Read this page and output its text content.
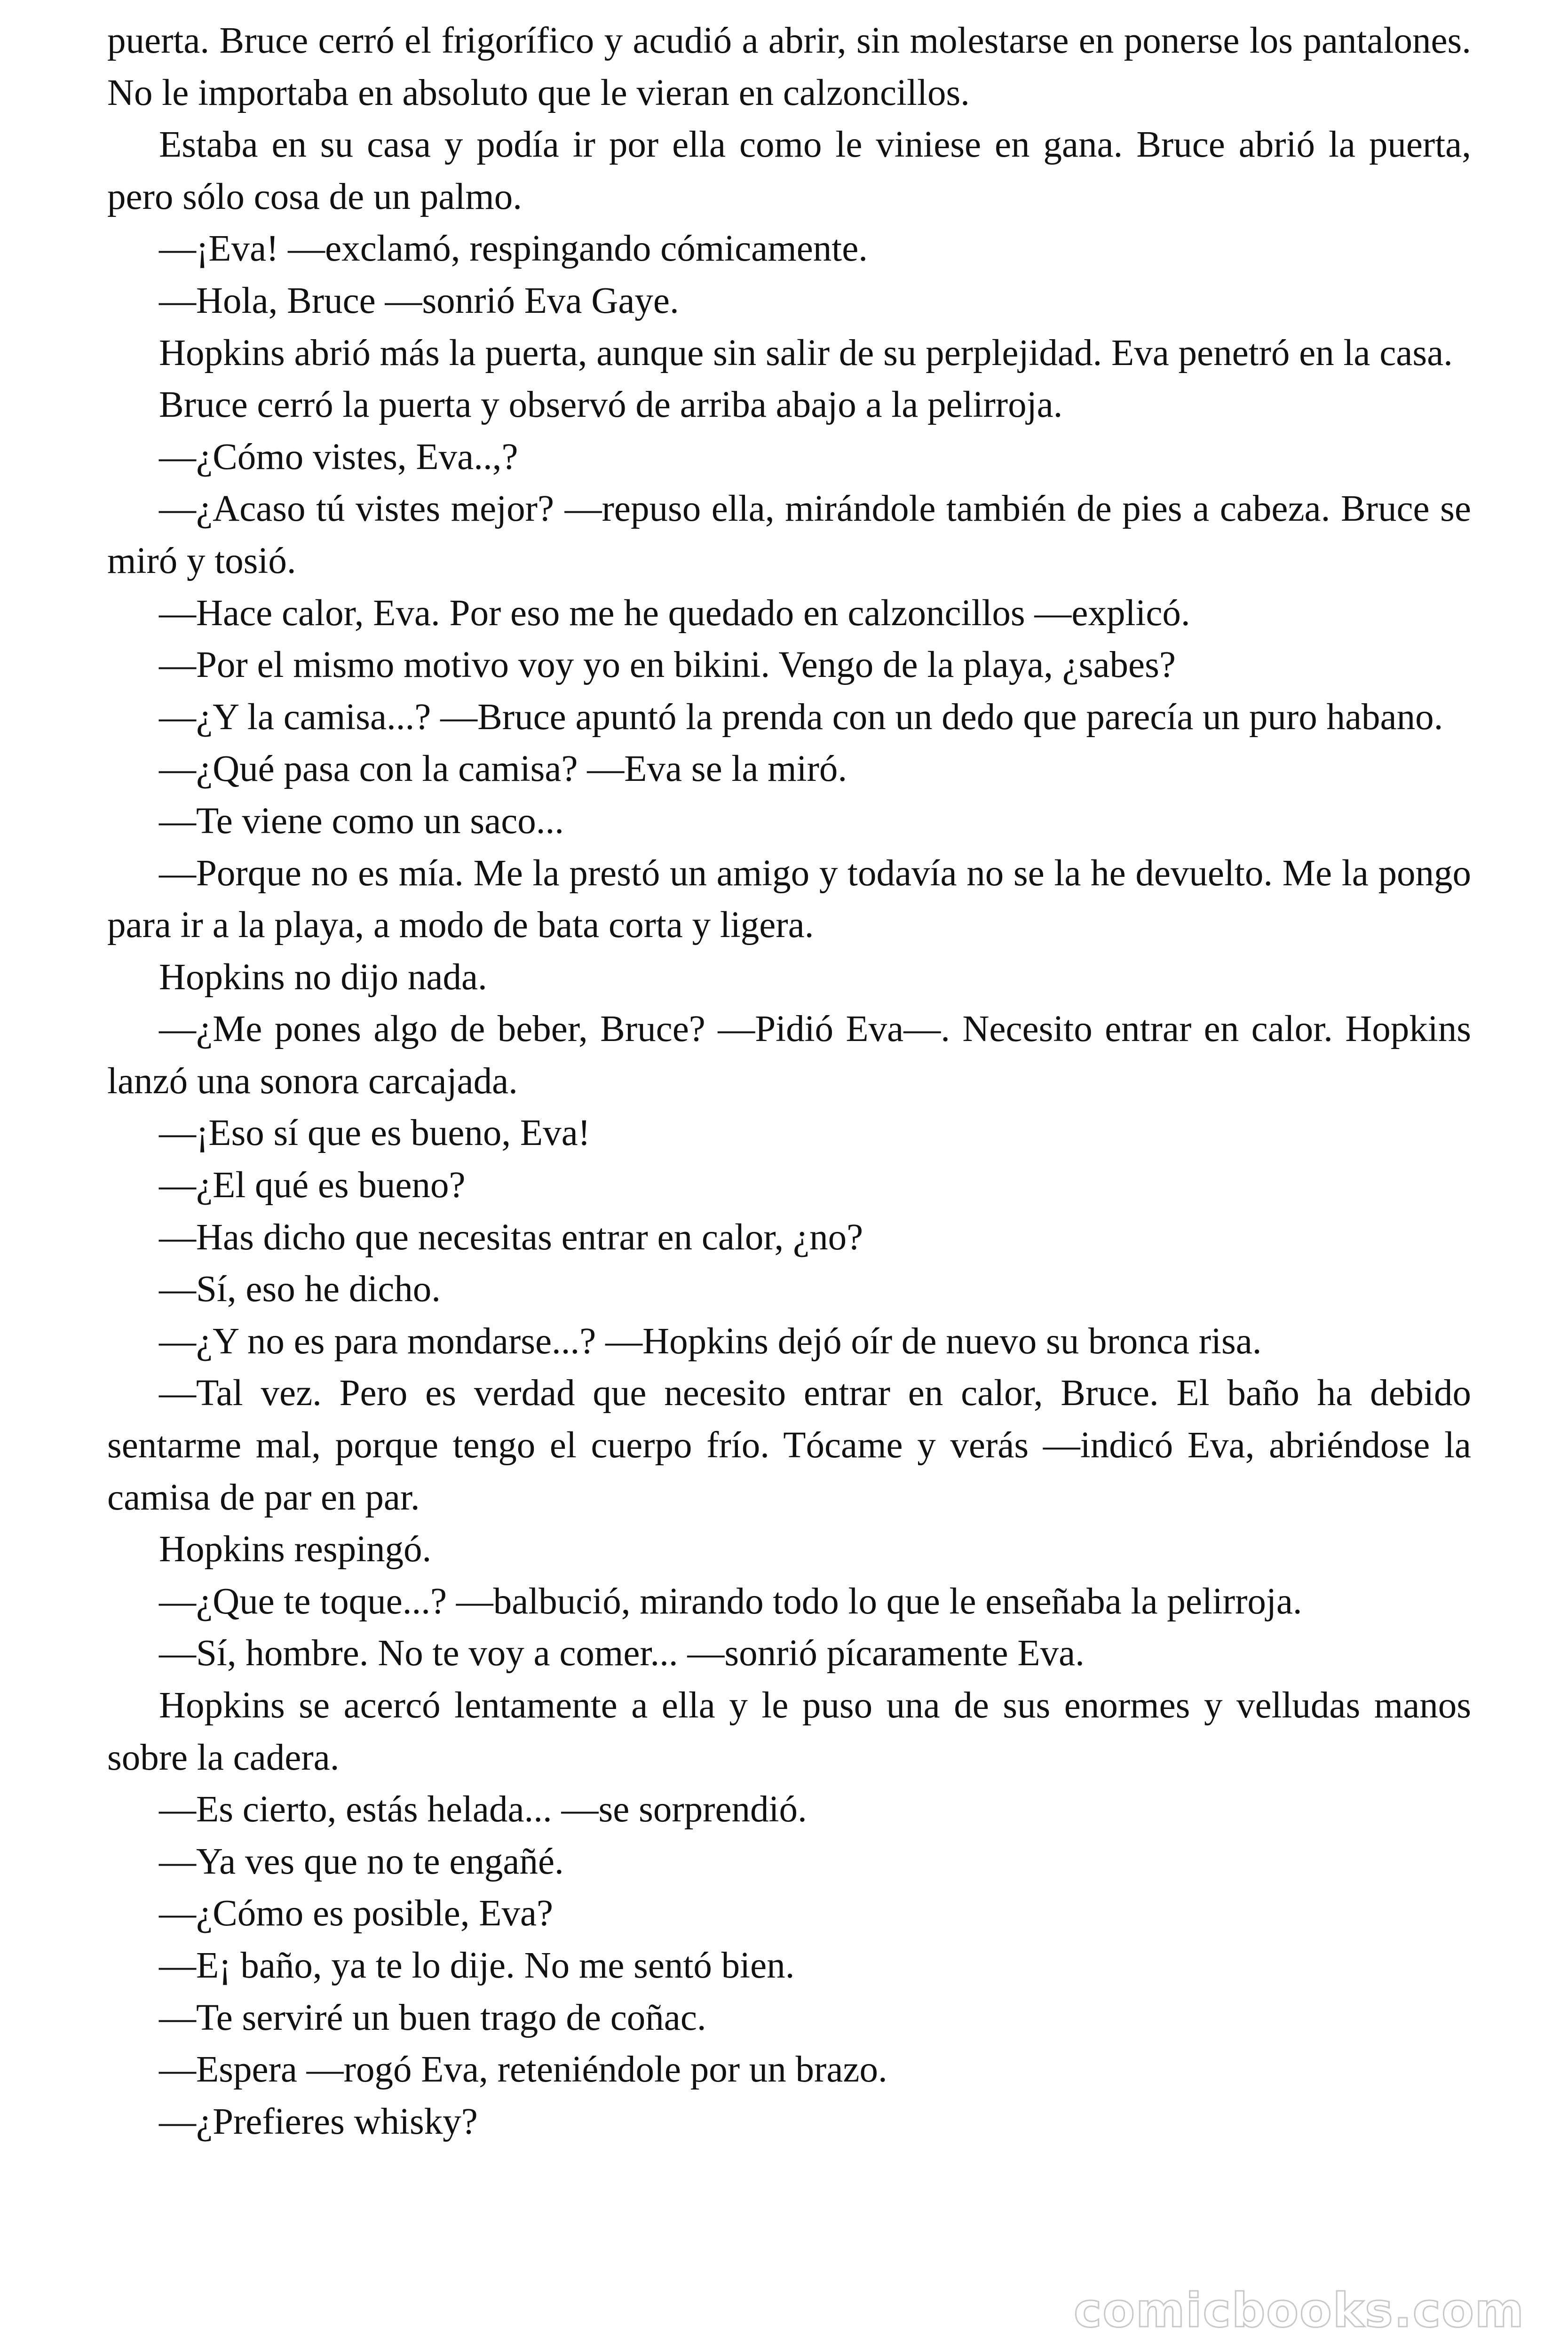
puerta. Bruce cerró el frigorífico y acudió a abrir, sin molestarse en ponerse los pantalones. No le importaba en absoluto que le vieran en calzoncillos.

Estaba en su casa y podía ir por ella como le viniese en gana. Bruce abrió la puerta, pero sólo cosa de un palmo.

—¡Eva! —exclamó, respingando cómicamente.

—Hola, Bruce —sonrió Eva Gaye.

Hopkins abrió más la puerta, aunque sin salir de su perplejidad. Eva penetró en la casa.

Bruce cerró la puerta y observó de arriba abajo a la pelirroja.

—¿Cómo vistes, Eva..,?

—¿Acaso tú vistes mejor? —repuso ella, mirándole también de pies a cabeza. Bruce se miró y tosió.

—Hace calor, Eva. Por eso me he quedado en calzoncillos —explicó.

—Por el mismo motivo voy yo en bikini. Vengo de la playa, ¿sabes?

—¿Y la camisa...? —Bruce apuntó la prenda con un dedo que parecía un puro habano.

—¿Qué pasa con la camisa? —Eva se la miró.

—Te viene como un saco...

—Porque no es mía. Me la prestó un amigo y todavía no se la he devuelto. Me la pongo para ir a la playa, a modo de bata corta y ligera.

Hopkins no dijo nada.

—¿Me pones algo de beber, Bruce? —Pidió Eva—. Necesito entrar en calor. Hopkins lanzó una sonora carcajada.

—¡Eso sí que es bueno, Eva!

—¿El qué es bueno?

—Has dicho que necesitas entrar en calor, ¿no?

—Sí, eso he dicho.

—¿Y no es para mondarse...? —Hopkins dejó oír de nuevo su bronca risa.

—Tal vez. Pero es verdad que necesito entrar en calor, Bruce. El baño ha debido sentarme mal, porque tengo el cuerpo frío. Tócame y verás —indicó Eva, abriéndose la camisa de par en par.

Hopkins respingó.

—¿Que te toque...? —balbució, mirando todo lo que le enseñaba la pelirroja.

—Sí, hombre. No te voy a comer... —sonrió pícaramente Eva.

Hopkins se acercó lentamente a ella y le puso una de sus enormes y velludas manos sobre la cadera.

—Es cierto, estás helada... —se sorprendió.

—Ya ves que no te engañé.

—¿Cómo es posible, Eva?

—E¡ baño, ya te lo dije. No me sentó bien.

—Te serviré un buen trago de coñac.

—Espera —rogó Eva, reteniéndole por un brazo.

—¿Prefieres whisky?

comicbooks.com
